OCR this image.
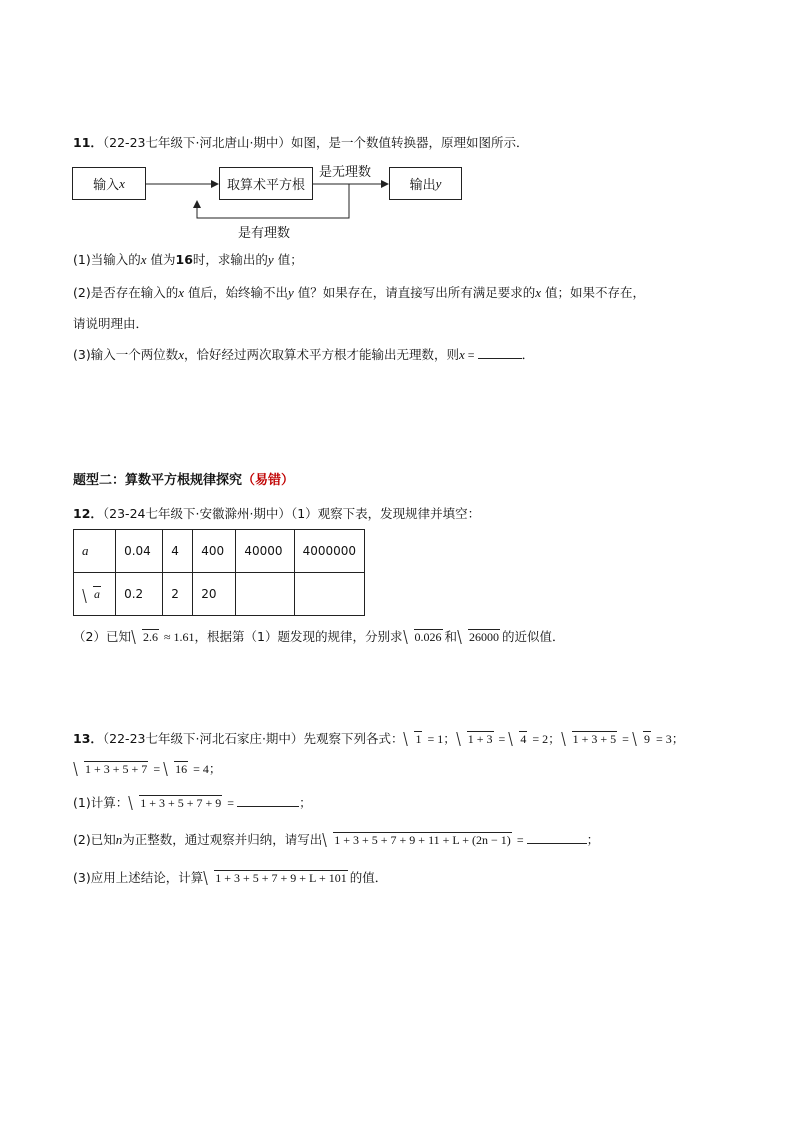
11．（22-23七年级下·河北唐山·期中）如图，是一个数值转换器，原理如图所示．
输入 x	取算术平方根	输出 y
是无理数
是有理数
(1)当输入的x 值为16时，求输出的y 值；
(2)是否存在输入的x 值后，始终输不出y 值？如果存在，请直接写出所有满足要求的x 值；如果不存在，
请说明理由．
(3)输入一个两位数x，恰好经过两次取算术平方根才能输出无理数，则x =	．
题型二：算数平方根规律探究（易错）
12．（23-24七年级下·安徽滁州·期中）（1）观察下表，发现规律并填空：
a	0.04	4	400	40000	4000000
a	0.2	2	20		
（2）已知 2.6 ≈ 1.61，根据第（1）题发现的规律，分别求 0.026 和 26000 的近似值．
13．（22-23七年级下·河北石家庄·期中）先观察下列各式： 1 = 1； 1 + 3 = 4 = 2； 1 + 3 + 5 = 9 = 3；
1 + 3 + 5 + 7 = 16 = 4；
(1)计算： 1 + 3 + 5 + 7 + 9 =	；
(2)已知n为正整数，通过观察并归纳，请写出 1 + 3 + 5 + 7 + 9 + 11 + L + (2n − 1) =	；
(3)应用上述结论，计算 1 + 3 + 5 + 7 + 9 + L + 101 的值．
